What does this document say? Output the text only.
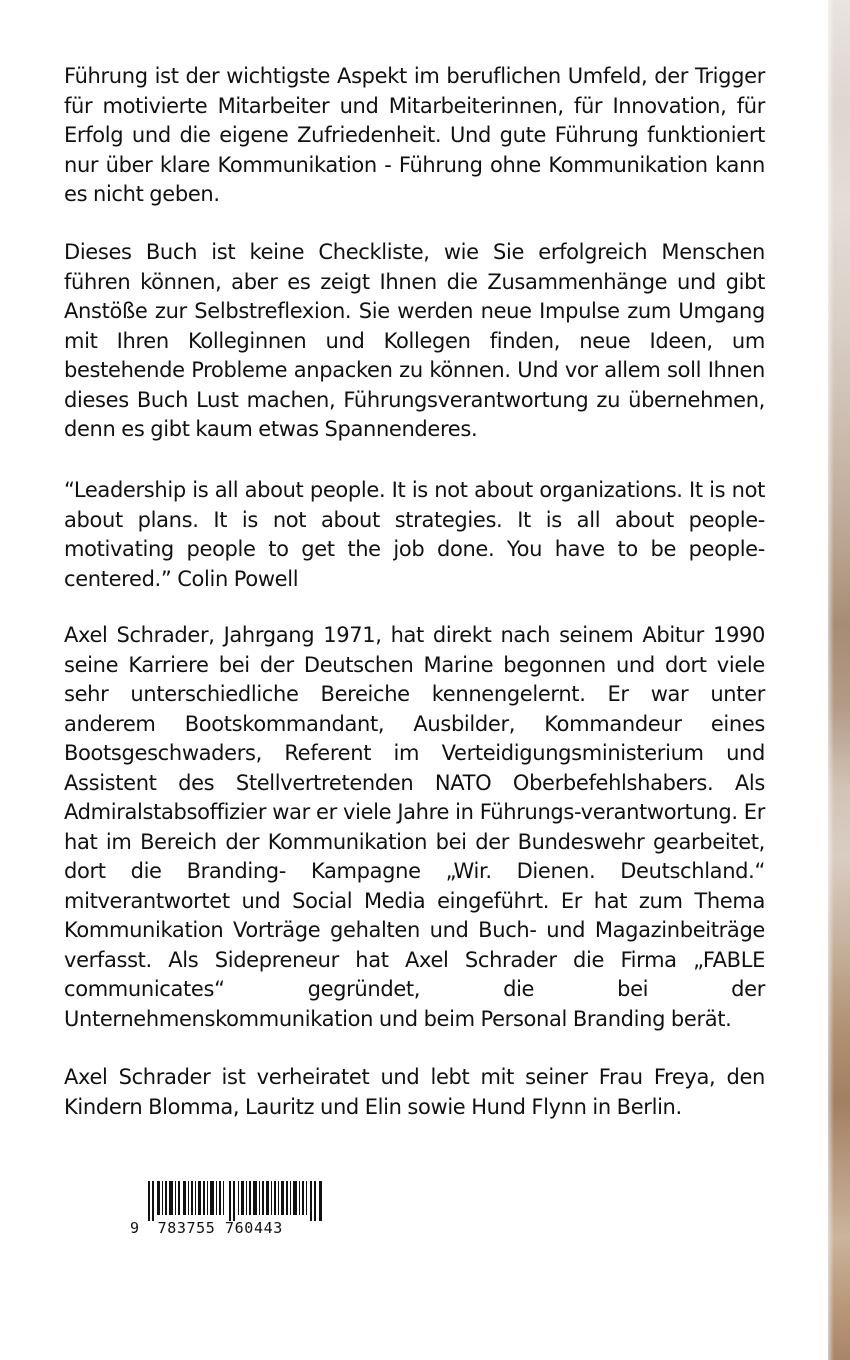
Führung ist der wichtigste Aspekt im beruflichen Umfeld, der Trigger für motivierte Mitarbeiter und Mitarbeiterinnen, für Innovation, für Erfolg und die eigene Zufriedenheit. Und gute Führung funktioniert nur über klare Kommunikation - Führung ohne Kommunikation kann es nicht geben.

Dieses Buch ist keine Checkliste, wie Sie erfolgreich Menschen führen können, aber es zeigt Ihnen die Zusammenhänge und gibt Anstöße zur Selbstreflexion. Sie werden neue Impulse zum Umgang mit Ihren Kolleginnen und Kollegen finden, neue Ideen, um bestehende Probleme anpacken zu können. Und vor allem soll Ihnen dieses Buch Lust machen, Führungsverantwortung zu übernehmen, denn es gibt kaum etwas Spannenderes.

“Leadership is all about people. It is not about organizations. It is not about plans. It is not about strategies. It is all about people-motivating people to get the job done. You have to be people-centered.” Colin Powell

Axel Schrader, Jahrgang 1971, hat direkt nach seinem Abitur 1990 seine Karriere bei der Deutschen Marine begonnen und dort viele sehr unterschiedliche Bereiche kennengelernt. Er war unter anderem Bootskommandant, Ausbilder, Kommandeur eines Bootsgeschwaders, Referent im Verteidigungsministerium und Assistent des Stellvertretenden NATO Oberbefehlshabers. Als Admiralstabsoffizier war er viele Jahre in Führungs-verantwortung. Er hat im Bereich der Kommunikation bei der Bundeswehr gearbeitet, dort die Branding- Kampagne „Wir. Dienen. Deutschland.“ mitverantwortet und Social Media eingeführt. Er hat zum Thema Kommunikation Vorträge gehalten und Buch- und Magazinbeiträge verfasst. Als Sidepreneur hat Axel Schrader die Firma „FABLE communicates“ gegründet, die bei der Unternehmenskommunikation und beim Personal Branding berät.

Axel Schrader ist verheiratet und lebt mit seiner Frau Freya, den Kindern Blomma, Lauritz und Elin sowie Hund Flynn in Berlin.

9 783755 760443
